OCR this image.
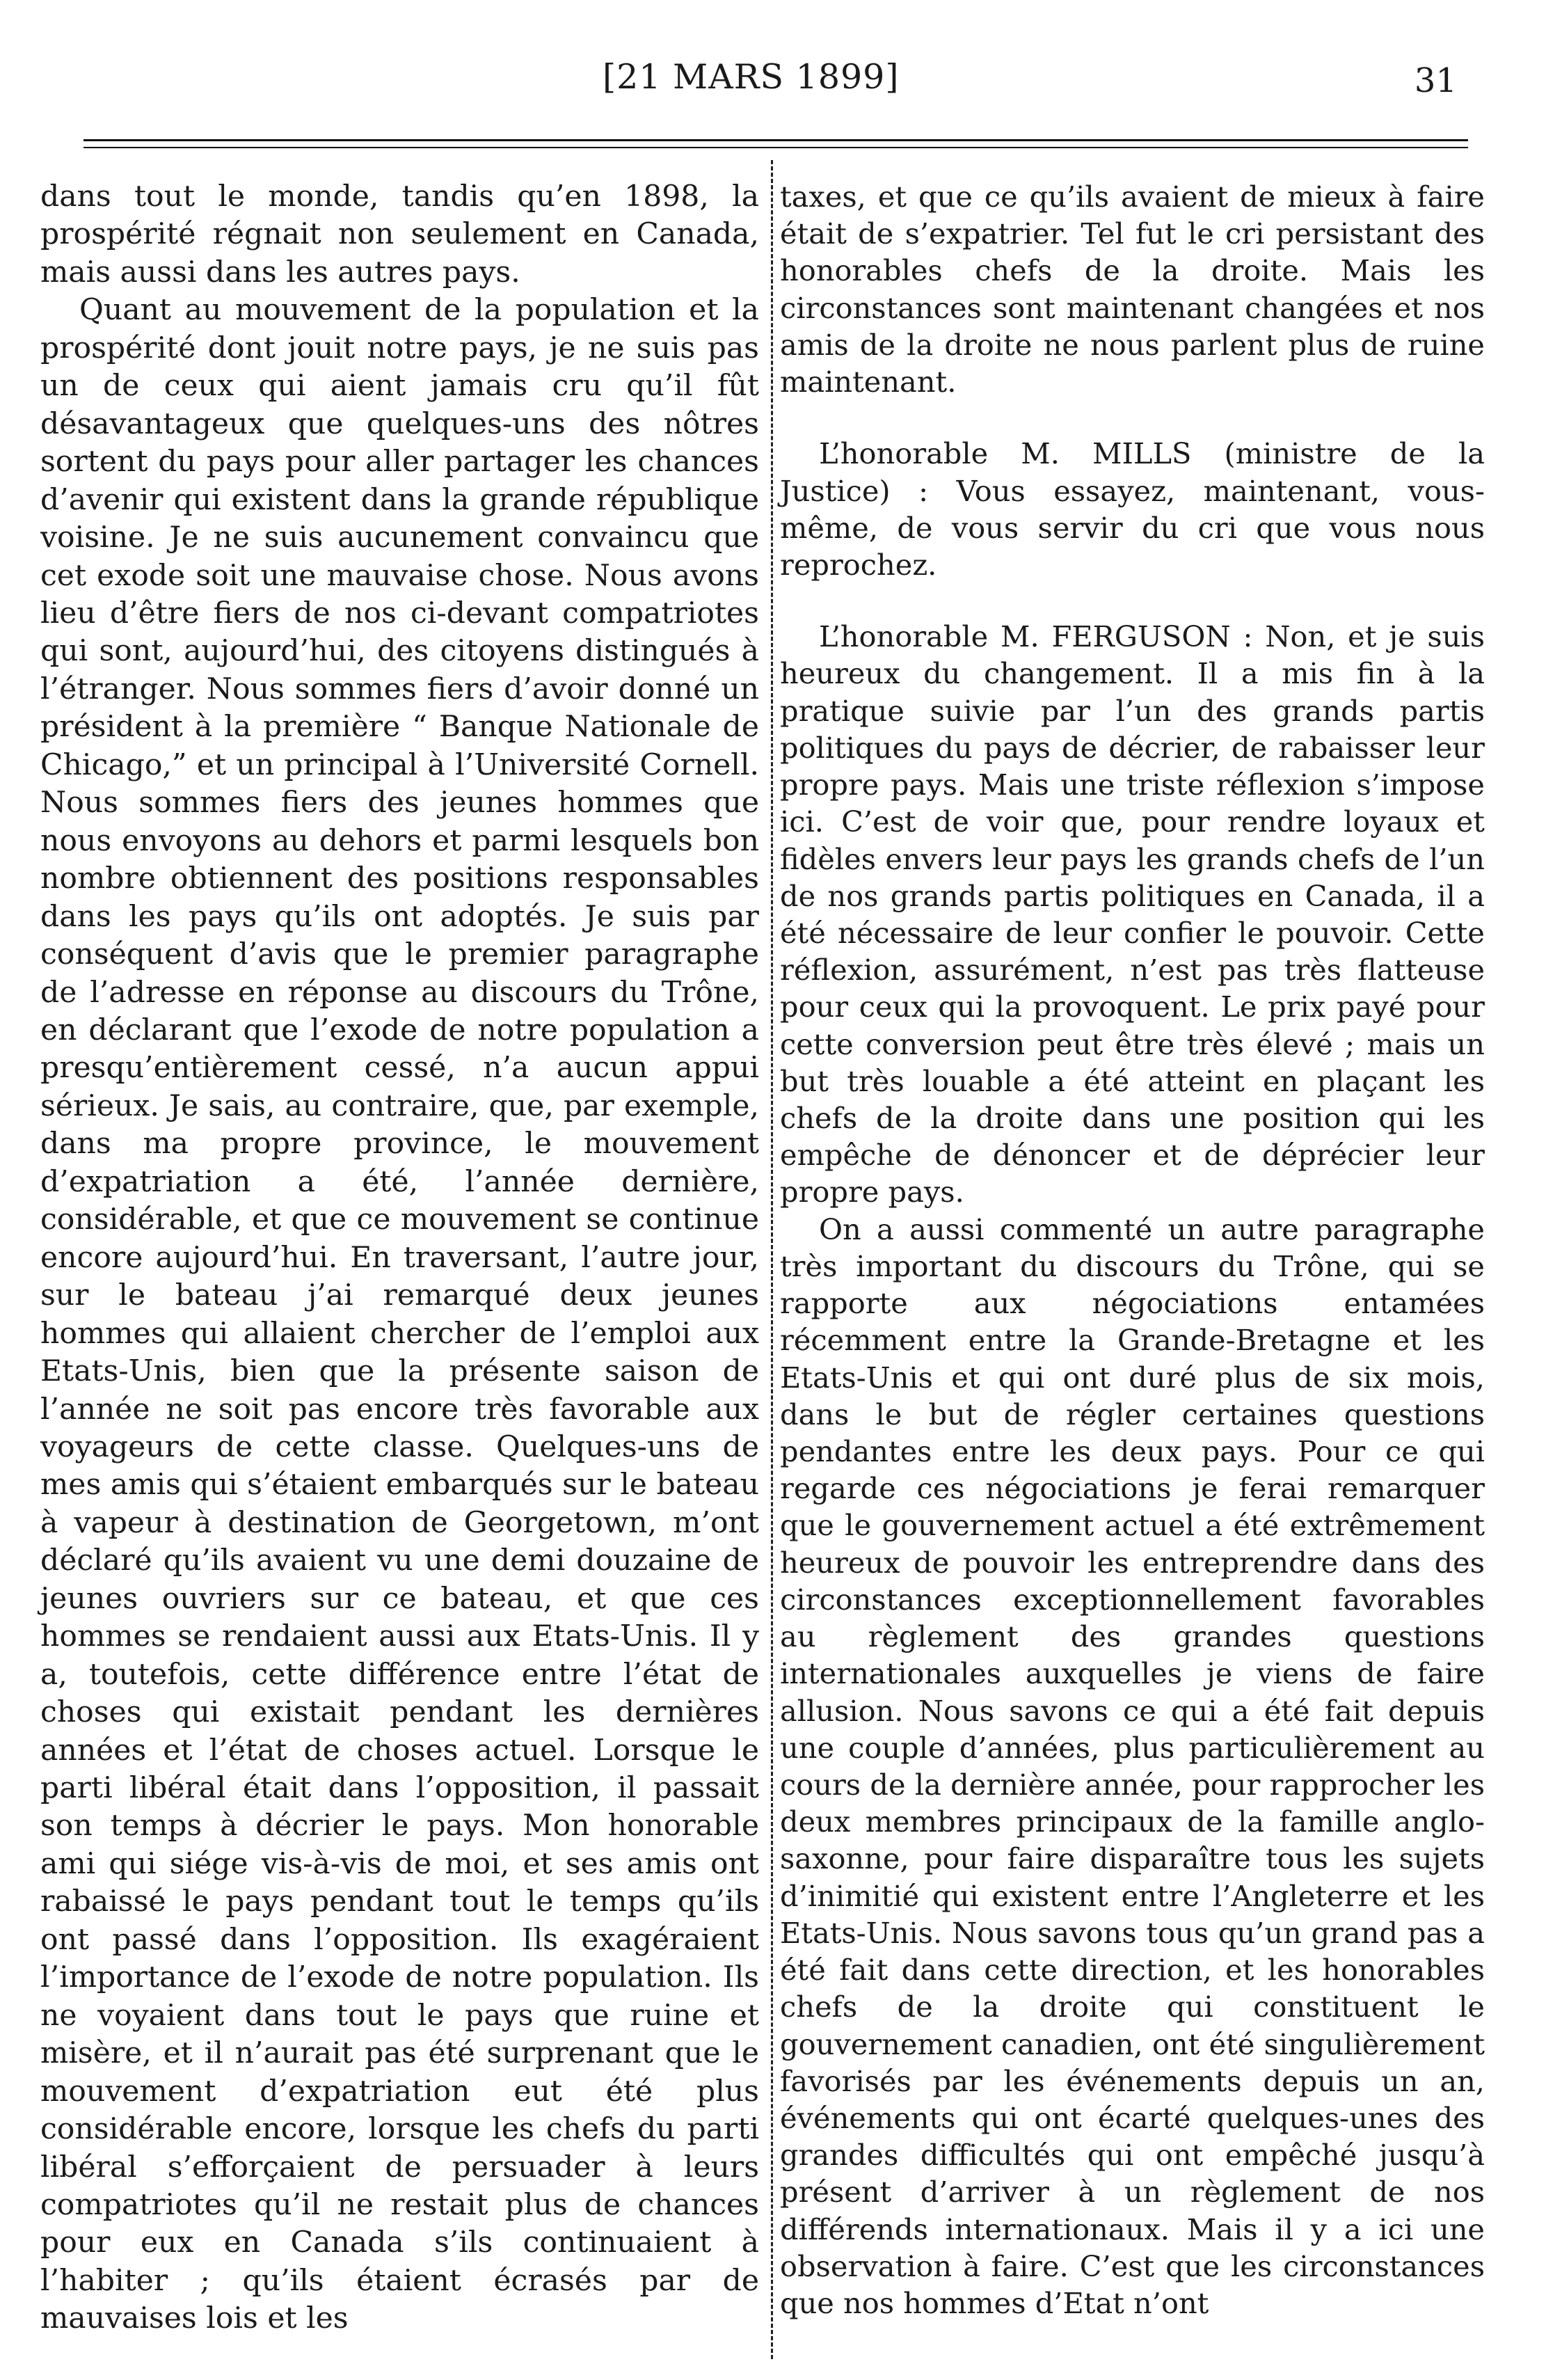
[21 MARS 1899]	31

dans tout le monde, tandis qu’en 1898, la prospérité régnait non seulement en Canada, mais aussi dans les autres pays.

Quant au mouvement de la population et la prospérité dont jouit notre pays, je ne suis pas un de ceux qui aient jamais cru qu’il fût désavantageux que quelques-uns des nôtres sortent du pays pour aller partager les chances d’avenir qui existent dans la grande république voisine. Je ne suis aucunement convaincu que cet exode soit une mauvaise chose. Nous avons lieu d’être fiers de nos ci-devant compatriotes qui sont, aujourd’hui, des citoyens distingués à l’étranger. Nous sommes fiers d’avoir donné un président à la première “ Banque Nationale de Chicago,” et un principal à l’Université Cornell. Nous sommes fiers des jeunes hommes que nous envoyons au dehors et parmi lesquels bon nombre obtiennent des positions responsables dans les pays qu’ils ont adoptés. Je suis par conséquent d’avis que le premier paragraphe de l’adresse en réponse au discours du Trône, en déclarant que l’exode de notre population a presqu’entièrement cessé, n’a aucun appui sérieux. Je sais, au contraire, que, par exemple, dans ma propre province, le mouvement d’expatriation a été, l’année dernière, considérable, et que ce mouvement se continue encore aujourd’hui. En traversant, l’autre jour, sur le bateau j’ai remarqué deux jeunes hommes qui allaient chercher de l’emploi aux Etats-Unis, bien que la présente saison de l’année ne soit pas encore très favorable aux voyageurs de cette classe. Quelques-uns de mes amis qui s’étaient embarqués sur le bateau à vapeur à destination de Georgetown, m’ont déclaré qu’ils avaient vu une demi douzaine de jeunes ouvriers sur ce bateau, et que ces hommes se rendaient aussi aux Etats-Unis. Il y a, toutefois, cette différence entre l’état de choses qui existait pendant les dernières années et l’état de choses actuel. Lorsque le parti libéral était dans l’opposition, il passait son temps à décrier le pays. Mon honorable ami qui siége vis-à-vis de moi, et ses amis ont rabaissé le pays pendant tout le temps qu’ils ont passé dans l’opposition. Ils exagéraient l’importance de l’exode de notre population. Ils ne voyaient dans tout le pays que ruine et misère, et il n’aurait pas été surprenant que le mouvement d’expatriation eut été plus considérable encore, lorsque les chefs du parti libéral s’efforçaient de persuader à leurs compatriotes qu’il ne restait plus de chances pour eux en Canada s’ils continuaient à l’habiter ; qu’ils étaient écrasés par de mauvaises lois et les

taxes, et que ce qu’ils avaient de mieux à faire était de s’expatrier. Tel fut le cri persistant des honorables chefs de la droite. Mais les circonstances sont maintenant changées et nos amis de la droite ne nous parlent plus de ruine maintenant.

L’honorable M. MILLS (ministre de la Justice) : Vous essayez, maintenant, vous-même, de vous servir du cri que vous nous reprochez.

L’honorable M. FERGUSON : Non, et je suis heureux du changement. Il a mis fin à la pratique suivie par l’un des grands partis politiques du pays de décrier, de rabaisser leur propre pays. Mais une triste réflexion s’impose ici. C’est de voir que, pour rendre loyaux et fidèles envers leur pays les grands chefs de l’un de nos grands partis politiques en Canada, il a été nécessaire de leur confier le pouvoir. Cette réflexion, assurément, n’est pas très flatteuse pour ceux qui la provoquent. Le prix payé pour cette conversion peut être très élevé ; mais un but très louable a été atteint en plaçant les chefs de la droite dans une position qui les empêche de dénoncer et de déprécier leur propre pays.

On a aussi commenté un autre paragraphe très important du discours du Trône, qui se rapporte aux négociations entamées récemment entre la Grande-Bretagne et les Etats-Unis et qui ont duré plus de six mois, dans le but de régler certaines questions pendantes entre les deux pays. Pour ce qui regarde ces négociations je ferai remarquer que le gouvernement actuel a été extrêmement heureux de pouvoir les entreprendre dans des circonstances exceptionnellement favorables au règlement des grandes questions internationales auxquelles je viens de faire allusion. Nous savons ce qui a été fait depuis une couple d’années, plus particulièrement au cours de la dernière année, pour rapprocher les deux membres principaux de la famille anglo-saxonne, pour faire disparaître tous les sujets d’inimitié qui existent entre l’Angleterre et les Etats-Unis. Nous savons tous qu’un grand pas a été fait dans cette direction, et les honorables chefs de la droite qui constituent le gouvernement canadien, ont été singulièrement favorisés par les événements depuis un an, événements qui ont écarté quelques-unes des grandes difficultés qui ont empêché jusqu’à présent d’arriver à un règlement de nos différends internationaux. Mais il y a ici une observation à faire. C’est que les circonstances que nos hommes d’Etat n’ont
